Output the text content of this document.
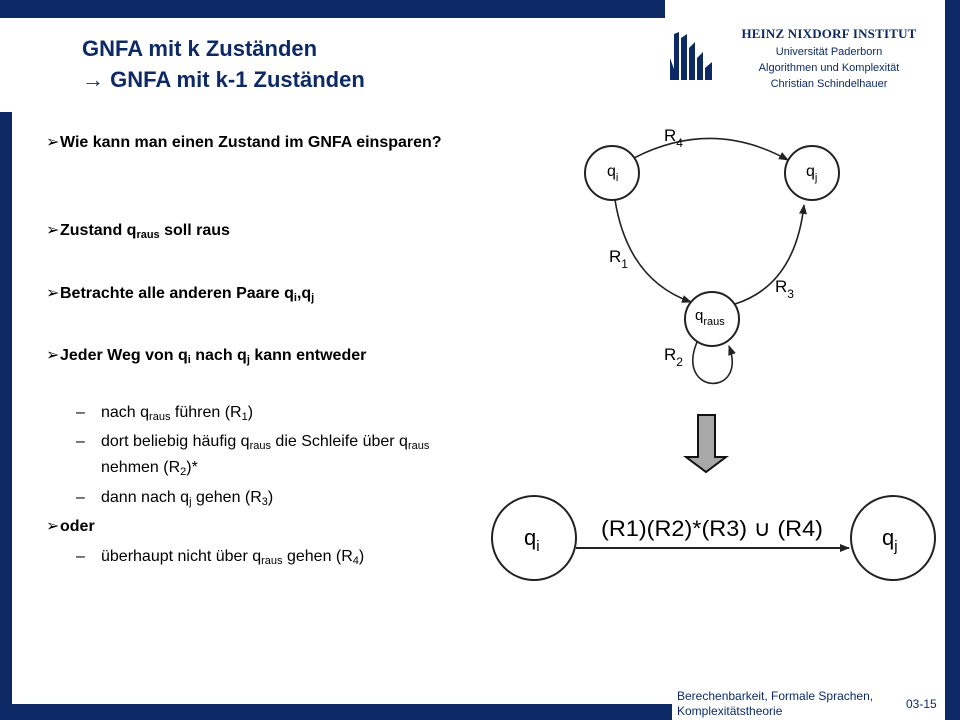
HEINZ NIXDORF INSTITUT
Universität Paderborn
Algorithmen und Komplexität
Christian Schindelhauer
GNFA mit k Zuständen
→ GNFA mit k-1 Zuständen
➢ Wie kann man einen Zustand im GNFA einsparen?
➢ Zustand $q_{raus}$ soll raus
➢ Betrachte alle anderen Paare $q_i,q_j$
➢ Jeder Weg von $q_i$ nach $q_j$ kann entweder
– nach $q_{raus}$ führen $(R_1)$
– dort beliebig häufig $q_{raus}$ die Schleife über $q_{raus}$ nehmen $(R_2)*$
– dann nach $q_j$ gehen $(R_3)$
➢ oder
– überhaupt nicht über $q_{raus}$ gehen $(R_4)$
$q_i$	$q_j$
$q_{raus}$
$R_4$
$R_1$
$R_3$
$R_2$
$q_i$	$q_j$
(R1)(R2)*(R3) ∪ (R4)
Berechenbarkeit, Formale Sprachen,
Komplexitätstheorie	03-15
